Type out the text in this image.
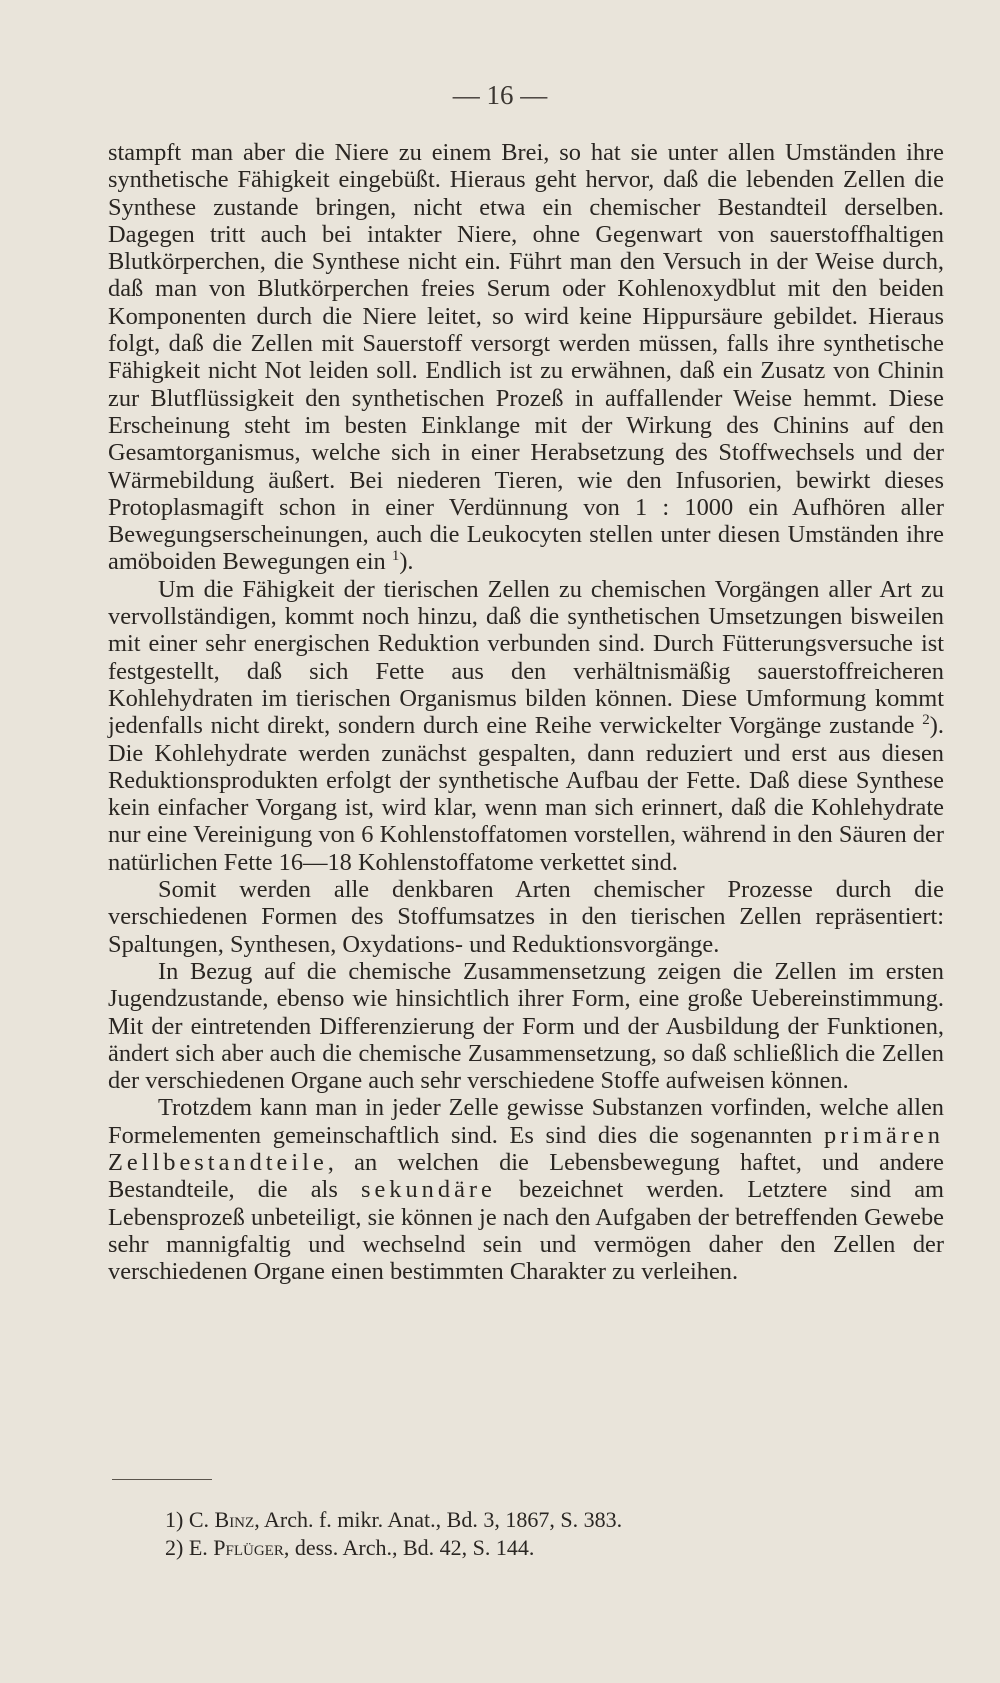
— 16 —

stampft man aber die Niere zu einem Brei, so hat sie unter allen Umständen ihre synthetische Fähigkeit eingebüßt. Hieraus geht hervor, daß die lebenden Zellen die Synthese zustande bringen, nicht etwa ein chemischer Bestandteil derselben. Dagegen tritt auch bei intakter Niere, ohne Gegenwart von sauerstoffhaltigen Blutkörperchen, die Synthese nicht ein. Führt man den Versuch in der Weise durch, daß man von Blutkörperchen freies Serum oder Kohlenoxydblut mit den beiden Komponenten durch die Niere leitet, so wird keine Hippursäure gebildet. Hieraus folgt, daß die Zellen mit Sauerstoff versorgt werden müssen, falls ihre synthetische Fähigkeit nicht Not leiden soll. Endlich ist zu erwähnen, daß ein Zusatz von Chinin zur Blutflüssigkeit den synthetischen Prozeß in auffallender Weise hemmt. Diese Erscheinung steht im besten Einklange mit der Wirkung des Chinins auf den Gesamtorganismus, welche sich in einer Herabsetzung des Stoffwechsels und der Wärmebildung äußert. Bei niederen Tieren, wie den Infusorien, bewirkt dieses Protoplasmagift schon in einer Verdünnung von 1 : 1000 ein Aufhören aller Bewegungserscheinungen, auch die Leukocyten stellen unter diesen Umständen ihre amöboiden Bewegungen ein $^1$).

Um die Fähigkeit der tierischen Zellen zu chemischen Vorgängen aller Art zu vervollständigen, kommt noch hinzu, daß die synthetischen Umsetzungen bisweilen mit einer sehr energischen Reduktion verbunden sind. Durch Fütterungsversuche ist festgestellt, daß sich Fette aus den verhältnismäßig sauerstoffreicheren Kohlehydraten im tierischen Organismus bilden können. Diese Umformung kommt jedenfalls nicht direkt, sondern durch eine Reihe verwickelter Vorgänge zustande $^2$). Die Kohlehydrate werden zunächst gespalten, dann reduziert und erst aus diesen Reduktionsprodukten erfolgt der synthetische Aufbau der Fette. Daß diese Synthese kein einfacher Vorgang ist, wird klar, wenn man sich erinnert, daß die Kohlehydrate nur eine Vereinigung von 6 Kohlenstoffatomen vorstellen, während in den Säuren der natürlichen Fette 16—18 Kohlenstoffatome verkettet sind.

Somit werden alle denkbaren Arten chemischer Prozesse durch die verschiedenen Formen des Stoffumsatzes in den tierischen Zellen repräsentiert: Spaltungen, Synthesen, Oxydations- und Reduktionsvorgänge.

In Bezug auf die chemische Zusammensetzung zeigen die Zellen im ersten Jugendzustande, ebenso wie hinsichtlich ihrer Form, eine große Uebereinstimmung. Mit der eintretenden Differenzierung der Form und der Ausbildung der Funktionen, ändert sich aber auch die chemische Zusammensetzung, so daß schließlich die Zellen der verschiedenen Organe auch sehr verschiedene Stoffe aufweisen können.

Trotzdem kann man in jeder Zelle gewisse Substanzen vorfinden, welche allen Formelementen gemeinschaftlich sind. Es sind dies die sogenannten primären Zellbestandteile, an welchen die Lebensbewegung haftet, und andere Bestandteile, die als sekundäre bezeichnet werden. Letztere sind am Lebensprozeß unbeteiligt, sie können je nach den Aufgaben der betreffenden Gewebe sehr mannigfaltig und wechselnd sein und vermögen daher den Zellen der verschiedenen Organe einen bestimmten Charakter zu verleihen.

1) C. Binz, Arch. f. mikr. Anat., Bd. 3, 1867, S. 383.
2) E. Pflüger, dess. Arch., Bd. 42, S. 144.
